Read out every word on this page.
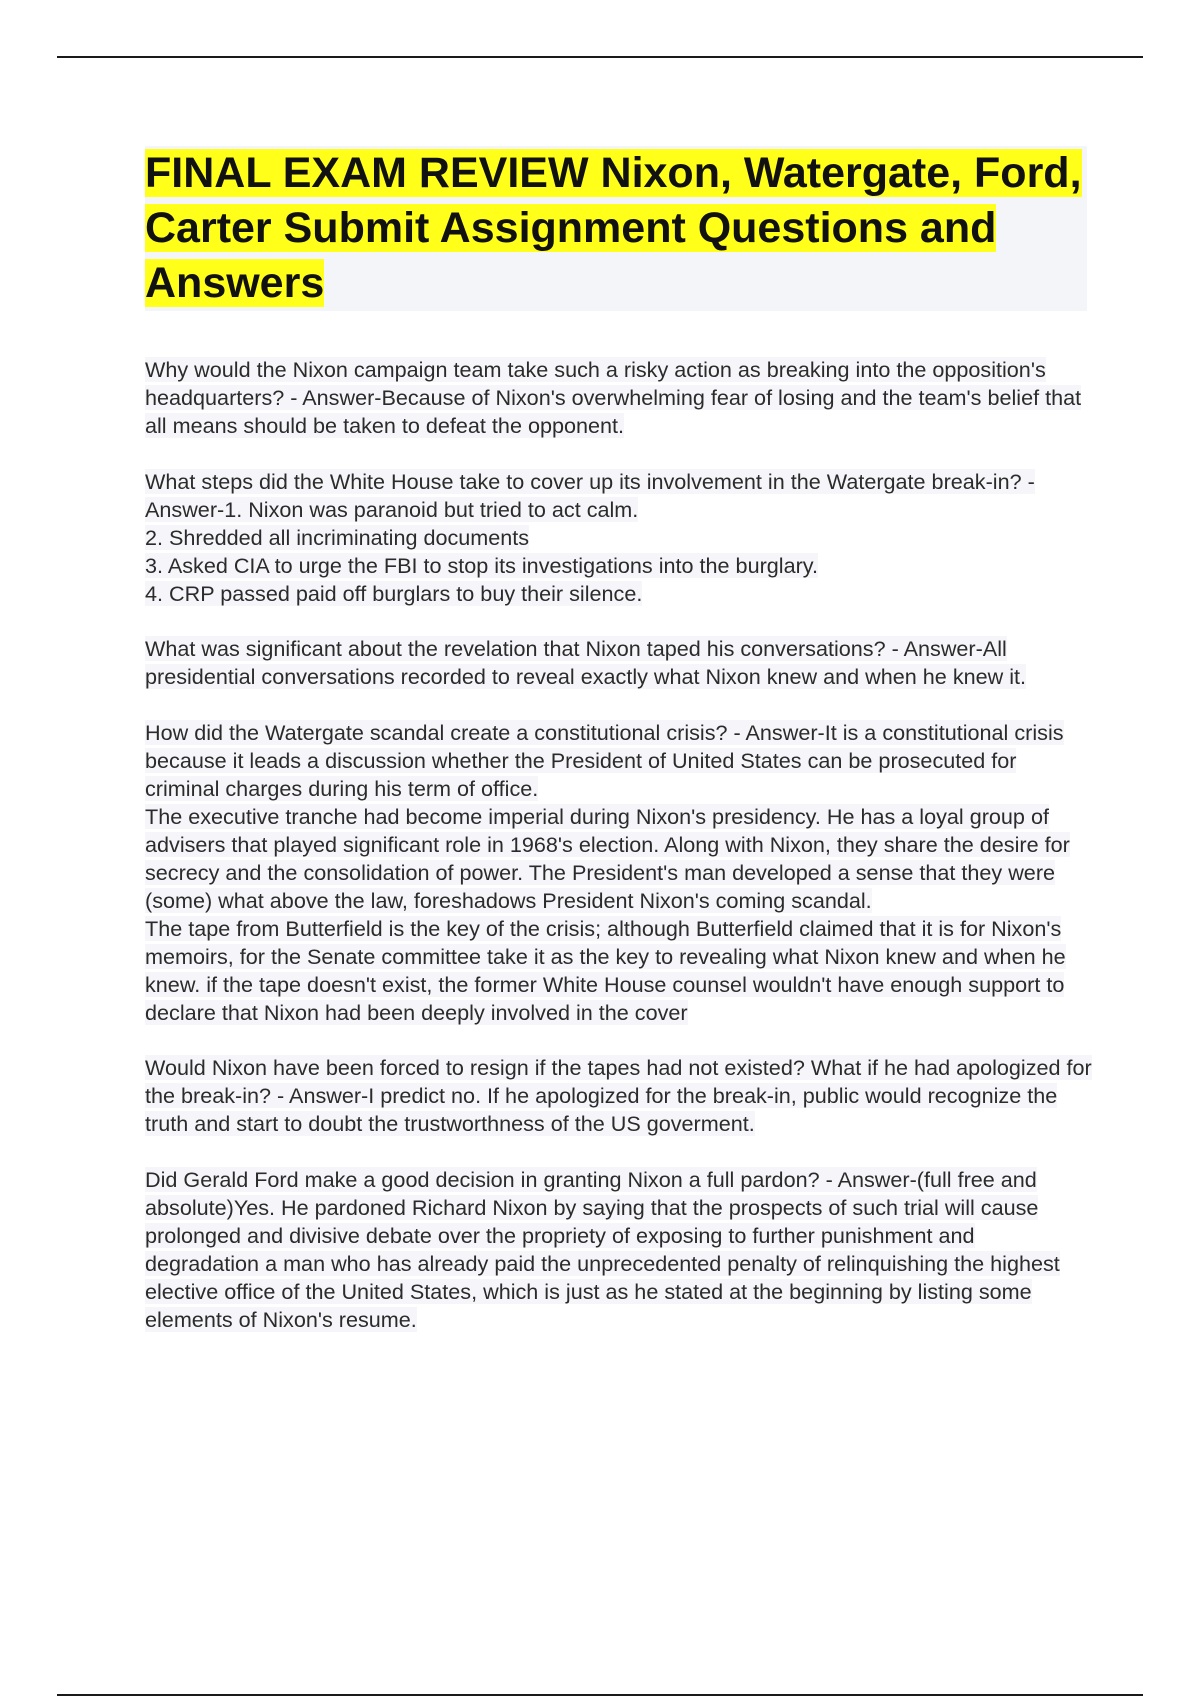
FINAL EXAM REVIEW Nixon, Watergate, Ford, Carter Submit Assignment Questions and Answers

Why would the Nixon campaign team take such a risky action as breaking into the opposition's headquarters? - Answer-Because of Nixon's overwhelming fear of losing and the team's belief that all means should be taken to defeat the opponent.

What steps did the White House take to cover up its involvement in the Watergate break-in? - Answer-1. Nixon was paranoid but tried to act calm.
2. Shredded all incriminating documents
3. Asked CIA to urge the FBI to stop its investigations into the burglary.
4. CRP passed paid off burglars to buy their silence.

What was significant about the revelation that Nixon taped his conversations? - Answer-All presidential conversations recorded to reveal exactly what Nixon knew and when he knew it.

How did the Watergate scandal create a constitutional crisis? - Answer-It is a constitutional crisis because it leads a discussion whether the President of United States can be prosecuted for criminal charges during his term of office.
The executive tranche had become imperial during Nixon's presidency. He has a loyal group of advisers that played significant role in 1968's election. Along with Nixon, they share the desire for secrecy and the consolidation of power. The President's man developed a sense that they were (some) what above the law, foreshadows President Nixon's coming scandal.
The tape from Butterfield is the key of the crisis; although Butterfield claimed that it is for Nixon's memoirs, for the Senate committee take it as the key to revealing what Nixon knew and when he knew. if the tape doesn't exist, the former White House counsel wouldn't have enough support to declare that Nixon had been deeply involved in the cover

Would Nixon have been forced to resign if the tapes had not existed? What if he had apologized for the break-in? - Answer-I predict no. If he apologized for the break-in, public would recognize the truth and start to doubt the trustworthness of the US goverment.

Did Gerald Ford make a good decision in granting Nixon a full pardon? - Answer-(full free and absolute)Yes. He pardoned Richard Nixon by saying that the prospects of such trial will cause prolonged and divisive debate over the propriety of exposing to further punishment and degradation a man who has already paid the unprecedented penalty of relinquishing the highest elective office of the United States, which is just as he stated at the beginning by listing some elements of Nixon's resume.
